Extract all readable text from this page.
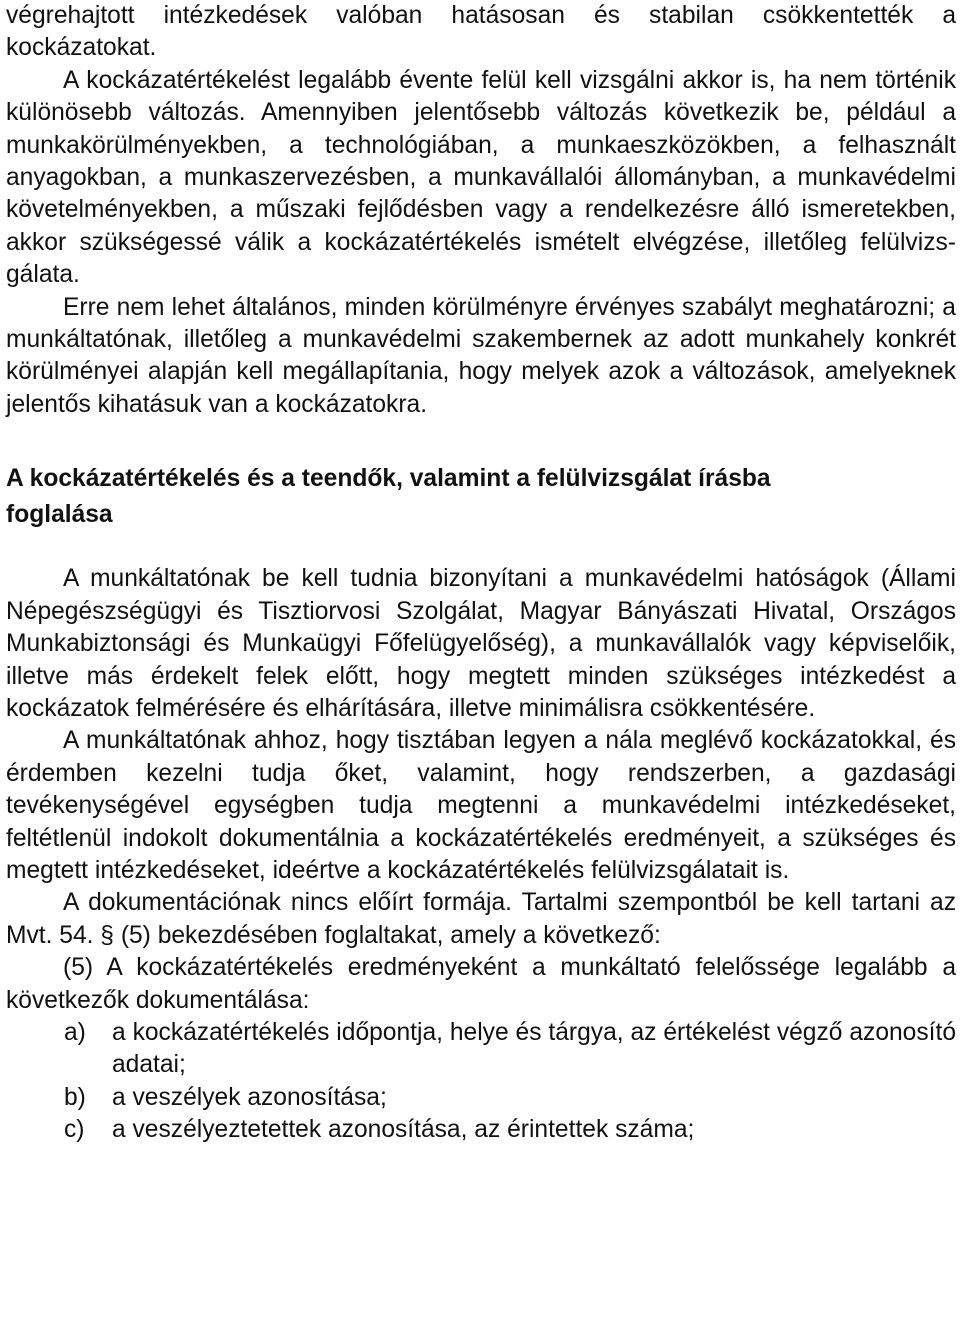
végrehajtott intézkedések valóban hatásosan és stabilan csökkentették a kockázatokat.

A kockázatértékelést legalább évente felül kell vizsgálni akkor is, ha nem történik különösebb változás. Amennyiben jelentősebb változás következik be, például a munkakörülményekben, a technológiában, a munkaeszközökben, a felhasznált anyagokban, a munkaszervezésben, a munkavállalói állományban, a munkavédelmi követelményekben, a műszaki fejlődésben vagy a rendelkezésre álló ismeretekben, akkor szükségessé válik a kockázatértékelés ismételt elvégzése, illetőleg felülvizsgálata.

Erre nem lehet általános, minden körülményre érvényes szabályt meghatározni; a munkáltatónak, illetőleg a munkavédelmi szakembernek az adott munkahely konkrét körülményei alapján kell megállapítania, hogy melyek azok a változások, amelyeknek jelentős kihatásuk van a kockázatokra.

A kockázatértékelés és a teendők, valamint a felülvizsgálat írásba foglalása

A munkáltatónak be kell tudnia bizonyítani a munkavédelmi hatóságok (Állami Népegészségügyi és Tisztiorvosi Szolgálat, Magyar Bányászati Hivatal, Országos Munkabiztonsági és Munkaügyi Főfelügyelőség), a munkavállalók vagy képviselőik, illetve más érdekelt felek előtt, hogy megtett minden szükséges intézkedést a kockázatok felmérésére és elhárítására, illetve minimálisra csökkentésére.

A munkáltatónak ahhoz, hogy tisztában legyen a nála meglévő kockázatokkal, és érdemben kezelni tudja őket, valamint, hogy rendszerben, a gazdasági tevékenységével egységben tudja megtenni a munkavédelmi intézkedéseket, feltétlenül indokolt dokumentálnia a kockázatértékelés eredményeit, a szükséges és megtett intézkedéseket, ideértve a kockázatértékelés felülvizsgálatait is.

A dokumentációnak nincs előírt formája. Tartalmi szempontból be kell tartani az Mvt. 54. § (5) bekezdésében foglaltakat, amely a következő:

(5) A kockázatértékelés eredményeként a munkáltató felelőssége legalább a következők dokumentálása:

a) a kockázatértékelés időpontja, helye és tárgya, az értékelést végző azonosító adatai;
b) a veszélyek azonosítása;
c) a veszélyeztetettek azonosítása, az érintettek száma;
